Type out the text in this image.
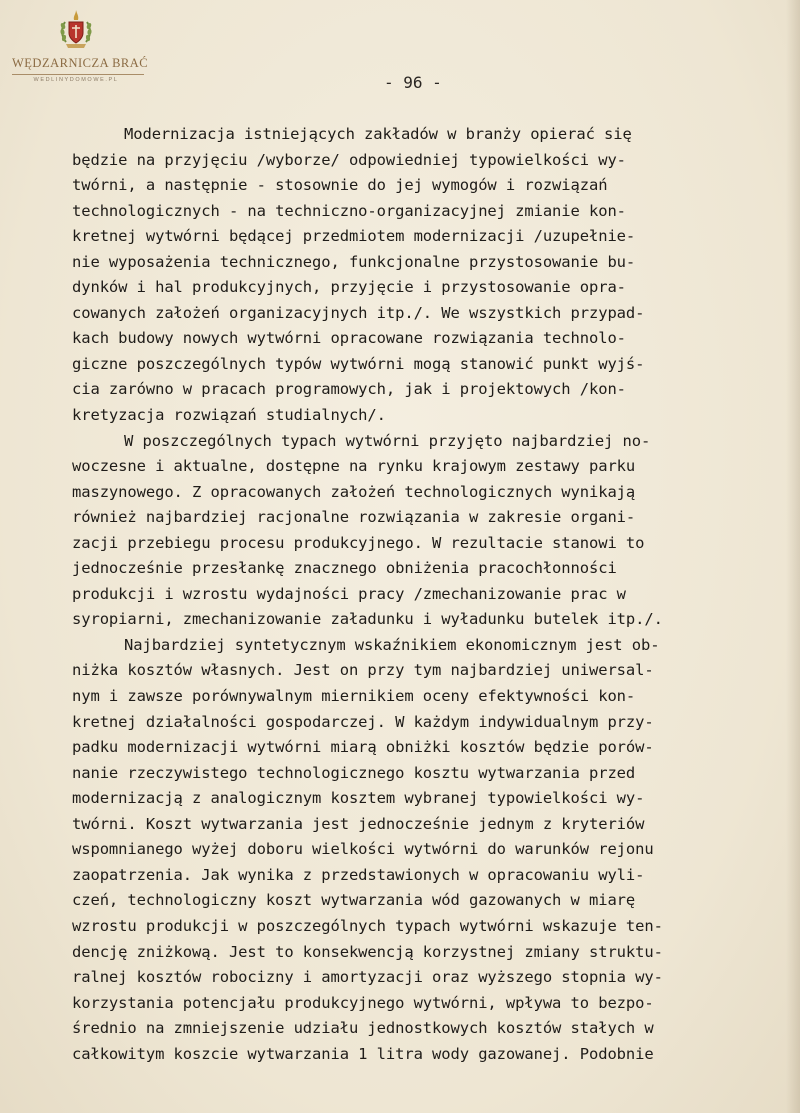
WĘDZARNICZA BRAĆ
WEDLINYDOMOWE.PL	- 96 -
Modernizacja istniejących zakładów w branży opierać się
będzie na przyjęciu /wyborze/ odpowiedniej typowielkości wy-
twórni, a następnie - stosownie do jej wymogów i rozwiązań
technologicznych - na techniczno-organizacyjnej zmianie kon-
kretnej wytwórni będącej przedmiotem modernizacji /uzupełnie-
nie wyposażenia technicznego, funkcjonalne przystosowanie bu-
dynków i hal produkcyjnych, przyjęcie i przystosowanie opra-
cowanych założeń organizacyjnych itp./. We wszystkich przypad-
kach budowy nowych wytwórni opracowane rozwiązania technolo-
giczne poszczególnych typów wytwórni mogą stanowić punkt wyjś-
cia zarówno w pracach programowych, jak i projektowych /kon-
kretyzacja rozwiązań studialnych/.
W poszczególnych typach wytwórni przyjęto najbardziej no-
woczesne i aktualne, dostępne na rynku krajowym zestawy parku
maszynowego. Z opracowanych założeń technologicznych wynikają
również najbardziej racjonalne rozwiązania w zakresie organi-
zacji przebiegu procesu produkcyjnego. W rezultacie stanowi to
jednocześnie przesłankę znacznego obniżenia pracochłonności
produkcji i wzrostu wydajności pracy /zmechanizowanie prac w
syropiarni, zmechanizowanie załadunku i wyładunku butelek itp./.
Najbardziej syntetycznym wskaźnikiem ekonomicznym jest ob-
niżka kosztów własnych. Jest on przy tym najbardziej uniwersal-
nym i zawsze porównywalnym miernikiem oceny efektywności kon-
kretnej działalności gospodarczej. W każdym indywidualnym przy-
padku modernizacji wytwórni miarą obniżki kosztów będzie porów-
nanie rzeczywistego technologicznego kosztu wytwarzania przed
modernizacją z analogicznym kosztem wybranej typowielkości wy-
twórni. Koszt wytwarzania jest jednocześnie jednym z kryteriów
wspomnianego wyżej doboru wielkości wytwórni do warunków rejonu
zaopatrzenia. Jak wynika z przedstawionych w opracowaniu wyli-
czeń, technologiczny koszt wytwarzania wód gazowanych w miarę
wzrostu produkcji w poszczególnych typach wytwórni wskazuje ten-
dencję zniżkową. Jest to konsekwencją korzystnej zmiany struktu-
ralnej kosztów robocizny i amortyzacji oraz wyższego stopnia wy-
korzystania potencjału produkcyjnego wytwórni, wpływa to bezpo-
średnio na zmniejszenie udziału jednostkowych kosztów stałych w
całkowitym koszcie wytwarzania 1 litra wody gazowanej. Podobnie
